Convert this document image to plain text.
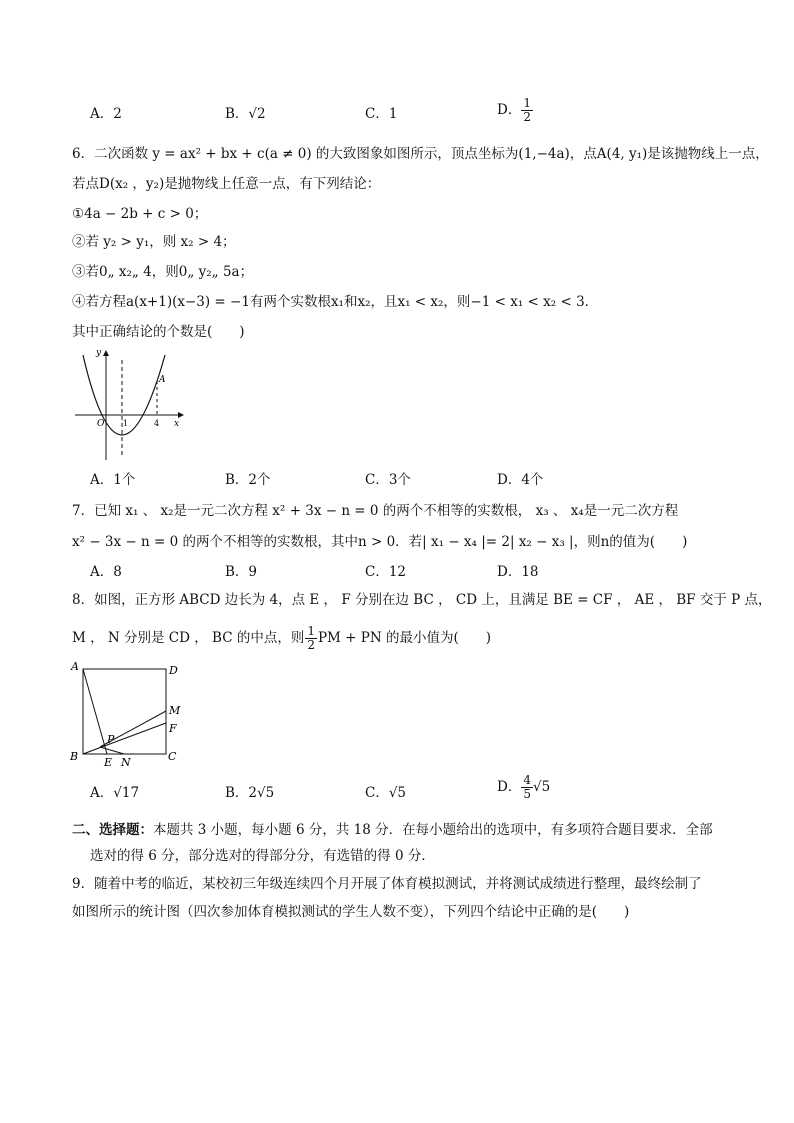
A．2	B．√2	C．1	D． $\frac{1}{2}$
6．二次函数 y = ax² + bx + c(a ≠ 0) 的大致图象如图所示，顶点坐标为(1,−4a)，点A(4, y₁)是该抛物线上一点，
若点D(x₂ ，y₂)是抛物线上任意一点，有下列结论：
①4a − 2b + c > 0；
②若 y₂ > y₁，则 x₂ > 4；
③若0„ x₂„ 4，则0„ y₂„ 5a；
④若方程a(x+1)(x−3) = −1有两个实数根x₁和x₂，且x₁ < x₂，则−1 < x₁ < x₂ < 3．
其中正确结论的个数是(　　)
y
x
O 1	4
A
A．1个	B．2个	C．3个	D．4个
7．已知 x₁ 、 x₂是一元二次方程 x² + 3x − n = 0 的两个不相等的实数根， x₃ 、 x₄是一元二次方程
x² − 3x − n = 0 的两个不相等的实数根，其中n > 0．若| x₁ − x₄ |= 2| x₂ − x₃ |，则n的值为(　　)
A．8	B．9	C．12	D．18
8．如图，正方形 ABCD 边长为 4，点 E ， F 分别在边 BC ， CD 上，且满足 BE = CF ， AE ， BF 交于 P 点，
M ， N 分别是 CD ， BC 的中点，则 $\frac{1}{2}$ PM + PN 的最小值为(　　)
A	D
B	C
M
F
P
E N
A．√17	B．2√5	C．√5	D． $\frac{4}{5} √5$
二、选择题：本题共 3 小题，每小题 6 分，共 18 分．在每小题给出的选项中，有多项符合题目要求．全部
选对的得 6 分，部分选对的得部分分，有选错的得 0 分．
9．随着中考的临近，某校初三年级连续四个月开展了体育模拟测试，并将测试成绩进行整理，最终绘制了
如图所示的统计图（四次参加体育模拟测试的学生人数不变），下列四个结论中正确的是(　　)
